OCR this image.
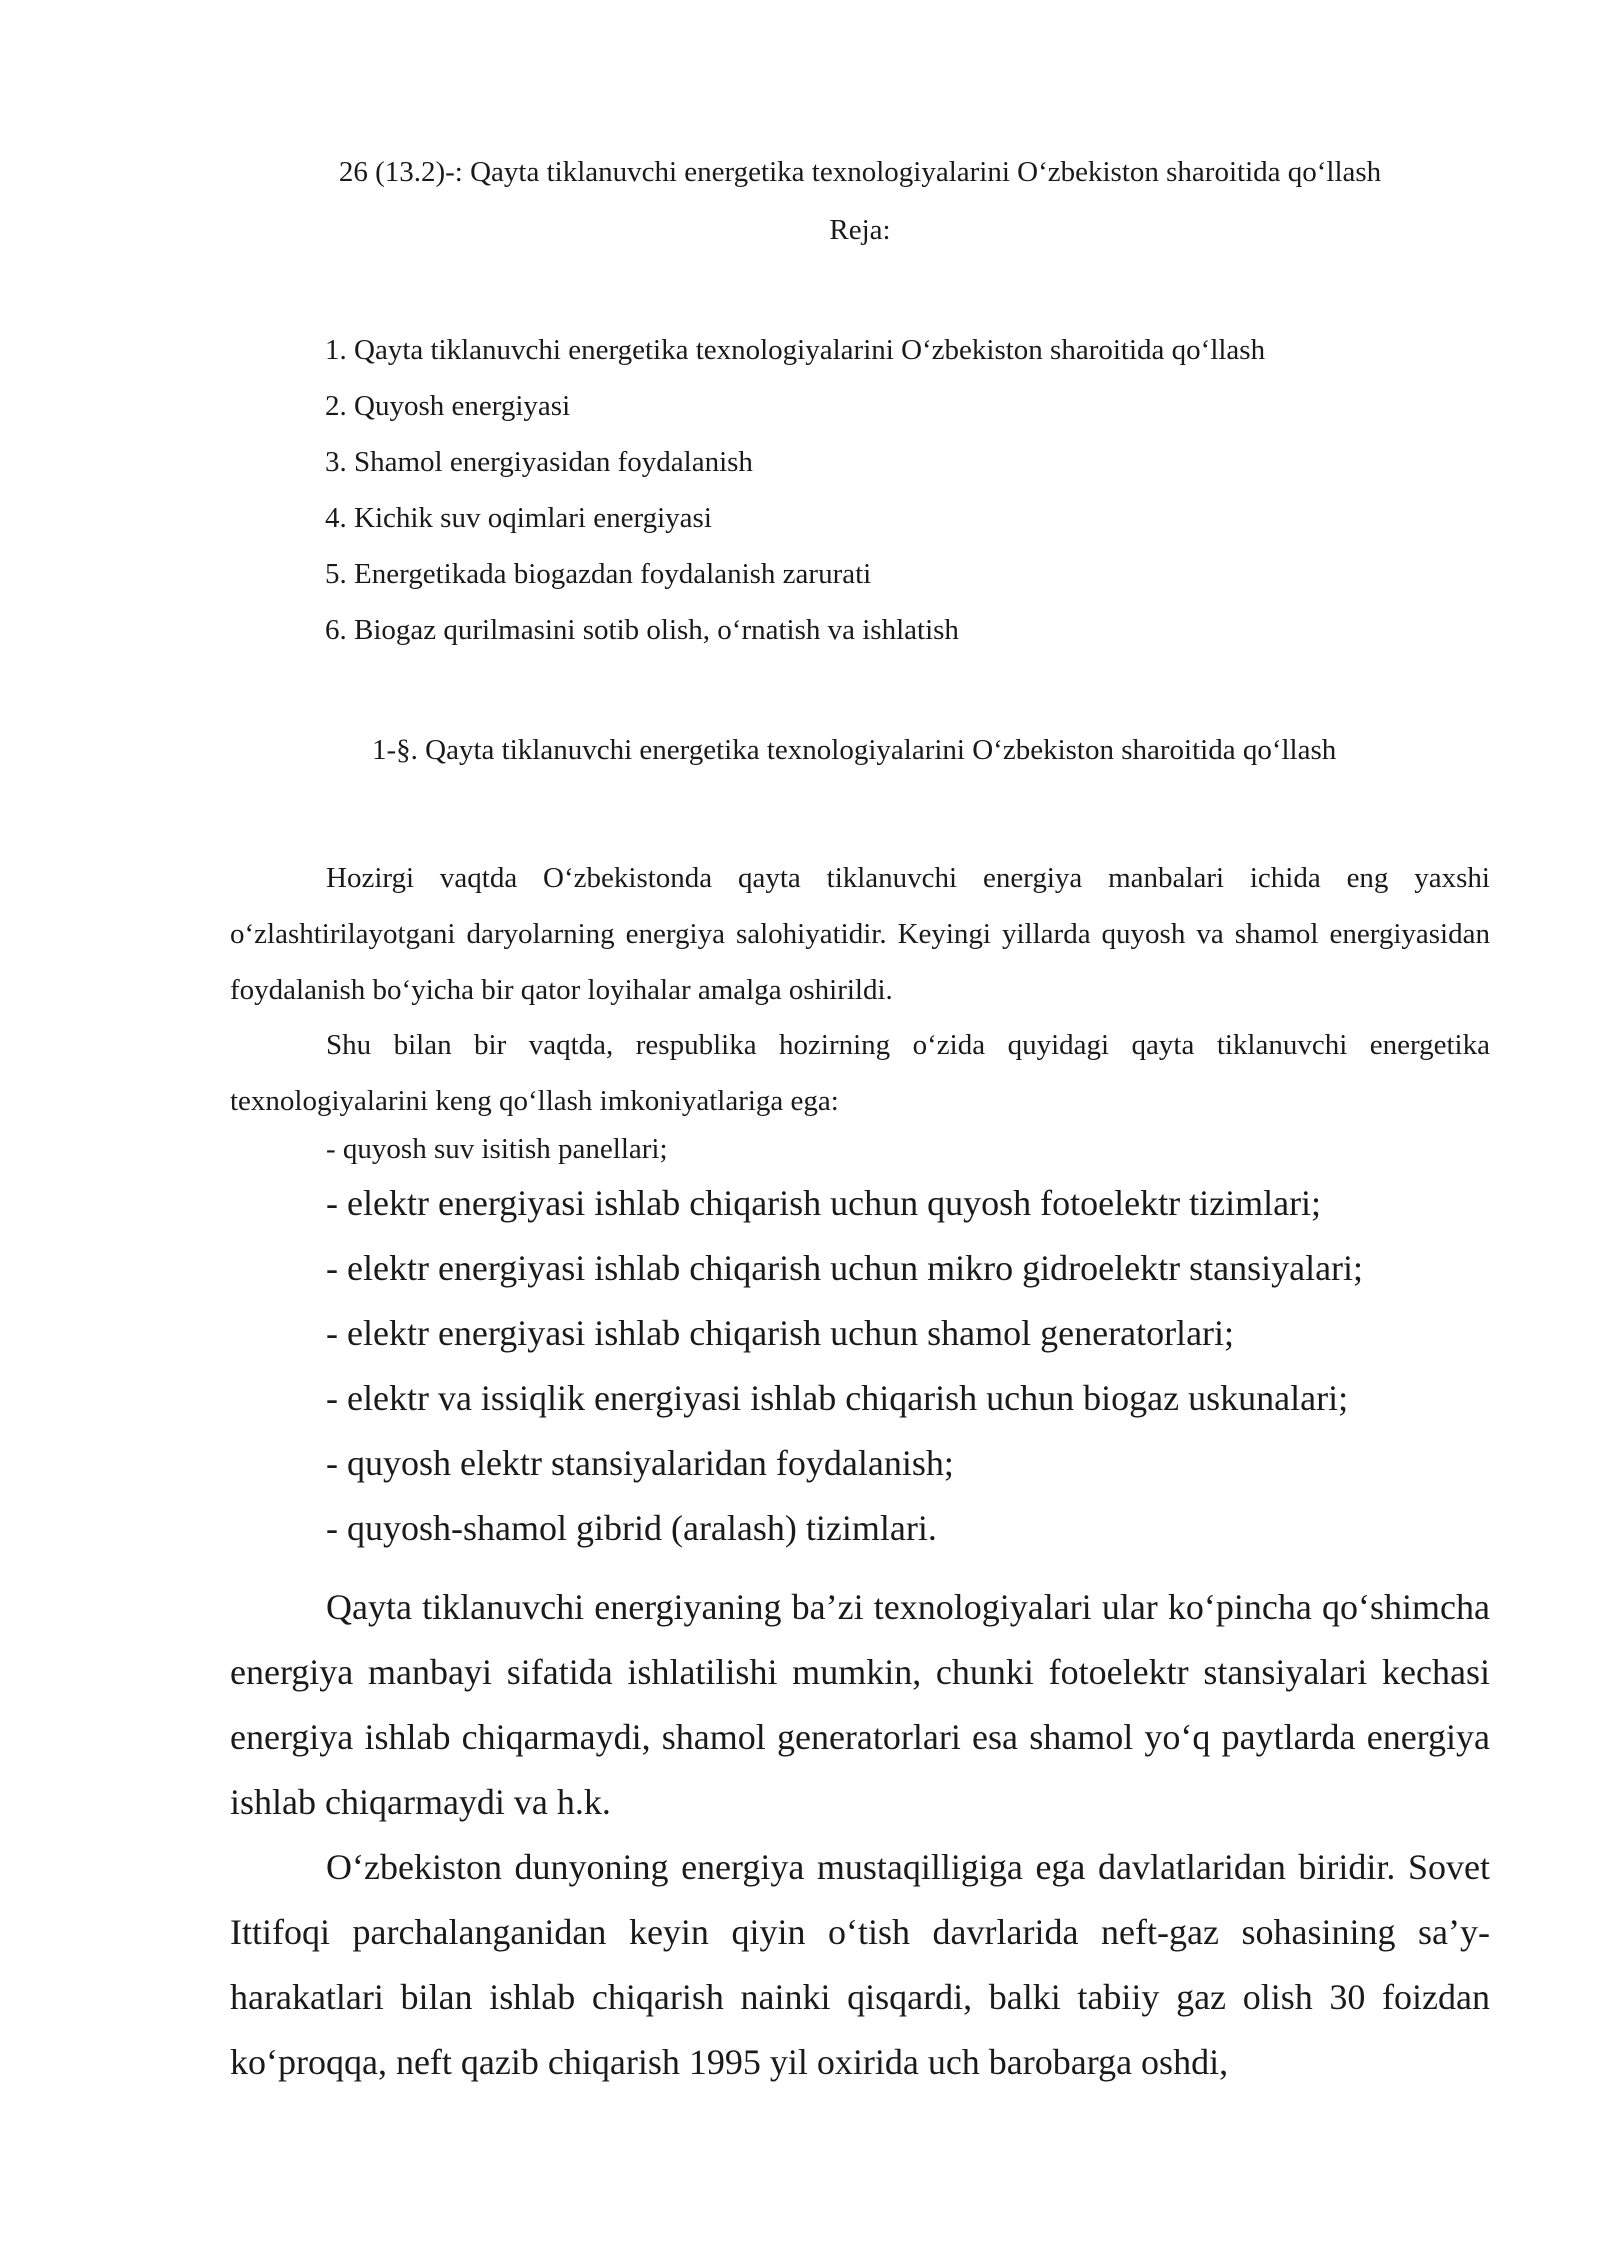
26 (13.2)-: Qayta tiklanuvchi energetika texnologiyalarini O‘zbekiston sharoitida qo‘llash

Reja:

1. Qayta tiklanuvchi energetika texnologiyalarini O‘zbekiston sharoitida qo‘llash
2. Quyosh energiyasi
3. Shamol energiyasidan foydalanish
4. Kichik suv oqimlari energiyasi
5. Energetikada biogazdan foydalanish zarurati
6. Biogaz qurilmasini sotib olish, o‘rnatish va ishlatish
1-§. Qayta tiklanuvchi energetika texnologiyalarini O‘zbekiston sharoitida qo‘llash

Hozirgi vaqtda O‘zbekistonda qayta tiklanuvchi energiya manbalari ichida eng yaxshi o‘zlashtirilayotgani daryolarning energiya salohiyatidir. Keyingi yillarda quyosh va shamol energiyasidan foydalanish bo‘yicha bir qator loyihalar amalga oshirildi.

Shu bilan bir vaqtda, respublika hozirning o‘zida quyidagi qayta tiklanuvchi energetika texnologiyalarini keng qo‘llash imkoniyatlariga ega:

- quyosh suv isitish panellari;

- elektr energiyasi ishlab chiqarish uchun quyosh fotoelektr tizimlari;
- elektr energiyasi ishlab chiqarish uchun mikro gidroelektr stansiyalari;
- elektr energiyasi ishlab chiqarish uchun shamol generatorlari;
- elektr va issiqlik energiyasi ishlab chiqarish uchun biogaz uskunalari;
- quyosh elektr stansiyalaridan foydalanish;
- quyosh-shamol gibrid (aralash) tizimlari.

Qayta tiklanuvchi energiyaning ba’zi texnologiyalari ular ko‘pincha qo‘shimcha energiya manbayi sifatida ishlatilishi mumkin, chunki fotoelektr stansiyalari kechasi energiya ishlab chiqarmaydi, shamol generatorlari esa shamol yo‘q paytlarda energiya ishlab chiqarmaydi va h.k.

O‘zbekiston dunyoning energiya mustaqilligiga ega davlatlaridan biridir. Sovet Ittifoqi parchalanganidan keyin qiyin o‘tish davrlarida neft-gaz sohasining sa’y-harakatlari bilan ishlab chiqarish nainki qisqardi, balki tabiiy gaz olish 30 foizdan ko‘proqqa, neft qazib chiqarish 1995 yil oxirida uch barobarga oshdi,
